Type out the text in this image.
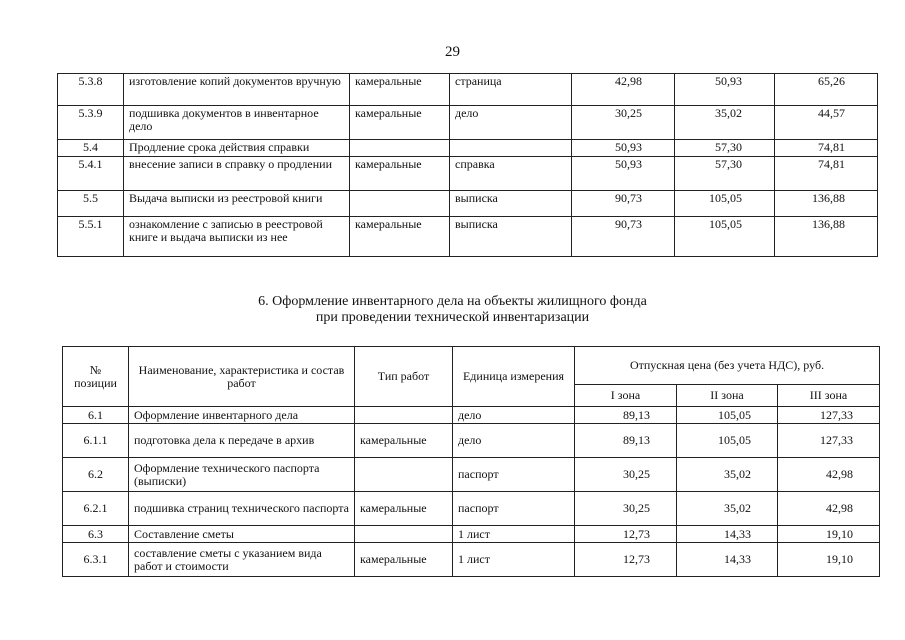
29
5.3.8	изготовление копий документов вручную	камеральные	страница	42,98	50,93	65,26
5.3.9	подшивка документов в инвентарное дело	камеральные	дело	30,25	35,02	44,57
5.4	Продление срока действия справки			50,93	57,30	74,81
5.4.1	внесение записи в справку о продлении	камеральные	справка	50,93	57,30	74,81
5.5	Выдача выписки из реестровой книги		выписка	90,73	105,05	136,88
5.5.1	ознакомление с записью в реестровой книге и выдача выписки из нее	камеральные	выписка	90,73	105,05	136,88
6. Оформление инвентарного дела на объекты жилищного фонда
при проведении технической инвентаризации
№ позиции	Наименование, характеристика и состав работ	Тип работ	Единица измерения	Отпускная цена (без учета НДС), руб.		
				I зона	II зона	III зона
6.1	Оформление инвентарного дела		дело	89,13	105,05	127,33
6.1.1	подготовка дела к передаче в архив	камеральные	дело	89,13	105,05	127,33
6.2	Оформление технического паспорта (выписки)		паспорт	30,25	35,02	42,98
6.2.1	подшивка страниц технического паспорта	камеральные	паспорт	30,25	35,02	42,98
6.3	Составление сметы		1 лист	12,73	14,33	19,10
6.3.1	составление сметы с указанием вида работ и стоимости	камеральные	1 лист	12,73	14,33	19,10
